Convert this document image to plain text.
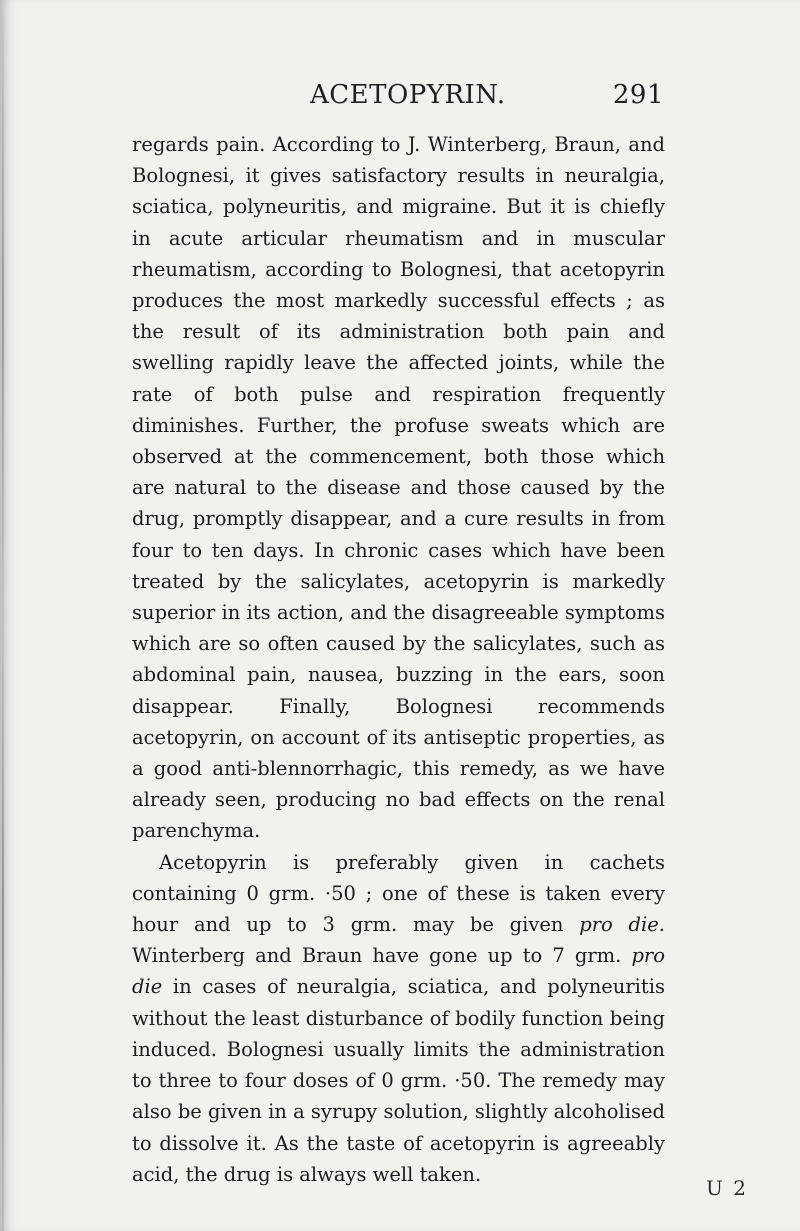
ACETOPYRIN.	291

regards pain. According to J. Winterberg, Braun, and Bolognesi, it gives satisfactory results in neuralgia, sciatica, polyneuritis, and migraine. But it is chiefly in acute articular rheumatism and in muscular rheumatism, according to Bolognesi, that acetopyrin produces the most markedly successful effects ; as the result of its administration both pain and swelling rapidly leave the affected joints, while the rate of both pulse and respiration frequently diminishes. Further, the profuse sweats which are observed at the commencement, both those which are natural to the disease and those caused by the drug, promptly disappear, and a cure results in from four to ten days. In chronic cases which have been treated by the salicylates, acetopyrin is markedly superior in its action, and the disagreeable symptoms which are so often caused by the salicylates, such as abdominal pain, nausea, buzzing in the ears, soon disappear. Finally, Bolognesi recommends acetopyrin, on account of its antiseptic properties, as a good anti-blennorrhagic, this remedy, as we have already seen, producing no bad effects on the renal parenchyma.

Acetopyrin is preferably given in cachets containing 0 grm. ·50 ; one of these is taken every hour and up to 3 grm. may be given pro die. Winterberg and Braun have gone up to 7 grm. pro die in cases of neuralgia, sciatica, and polyneuritis without the least disturbance of bodily function being induced. Bolognesi usually limits the administration to three to four doses of 0 grm. ·50. The remedy may also be given in a syrupy solution, slightly alcoholised to dissolve it. As the taste of acetopyrin is agreeably acid, the drug is always well taken.

U 2
